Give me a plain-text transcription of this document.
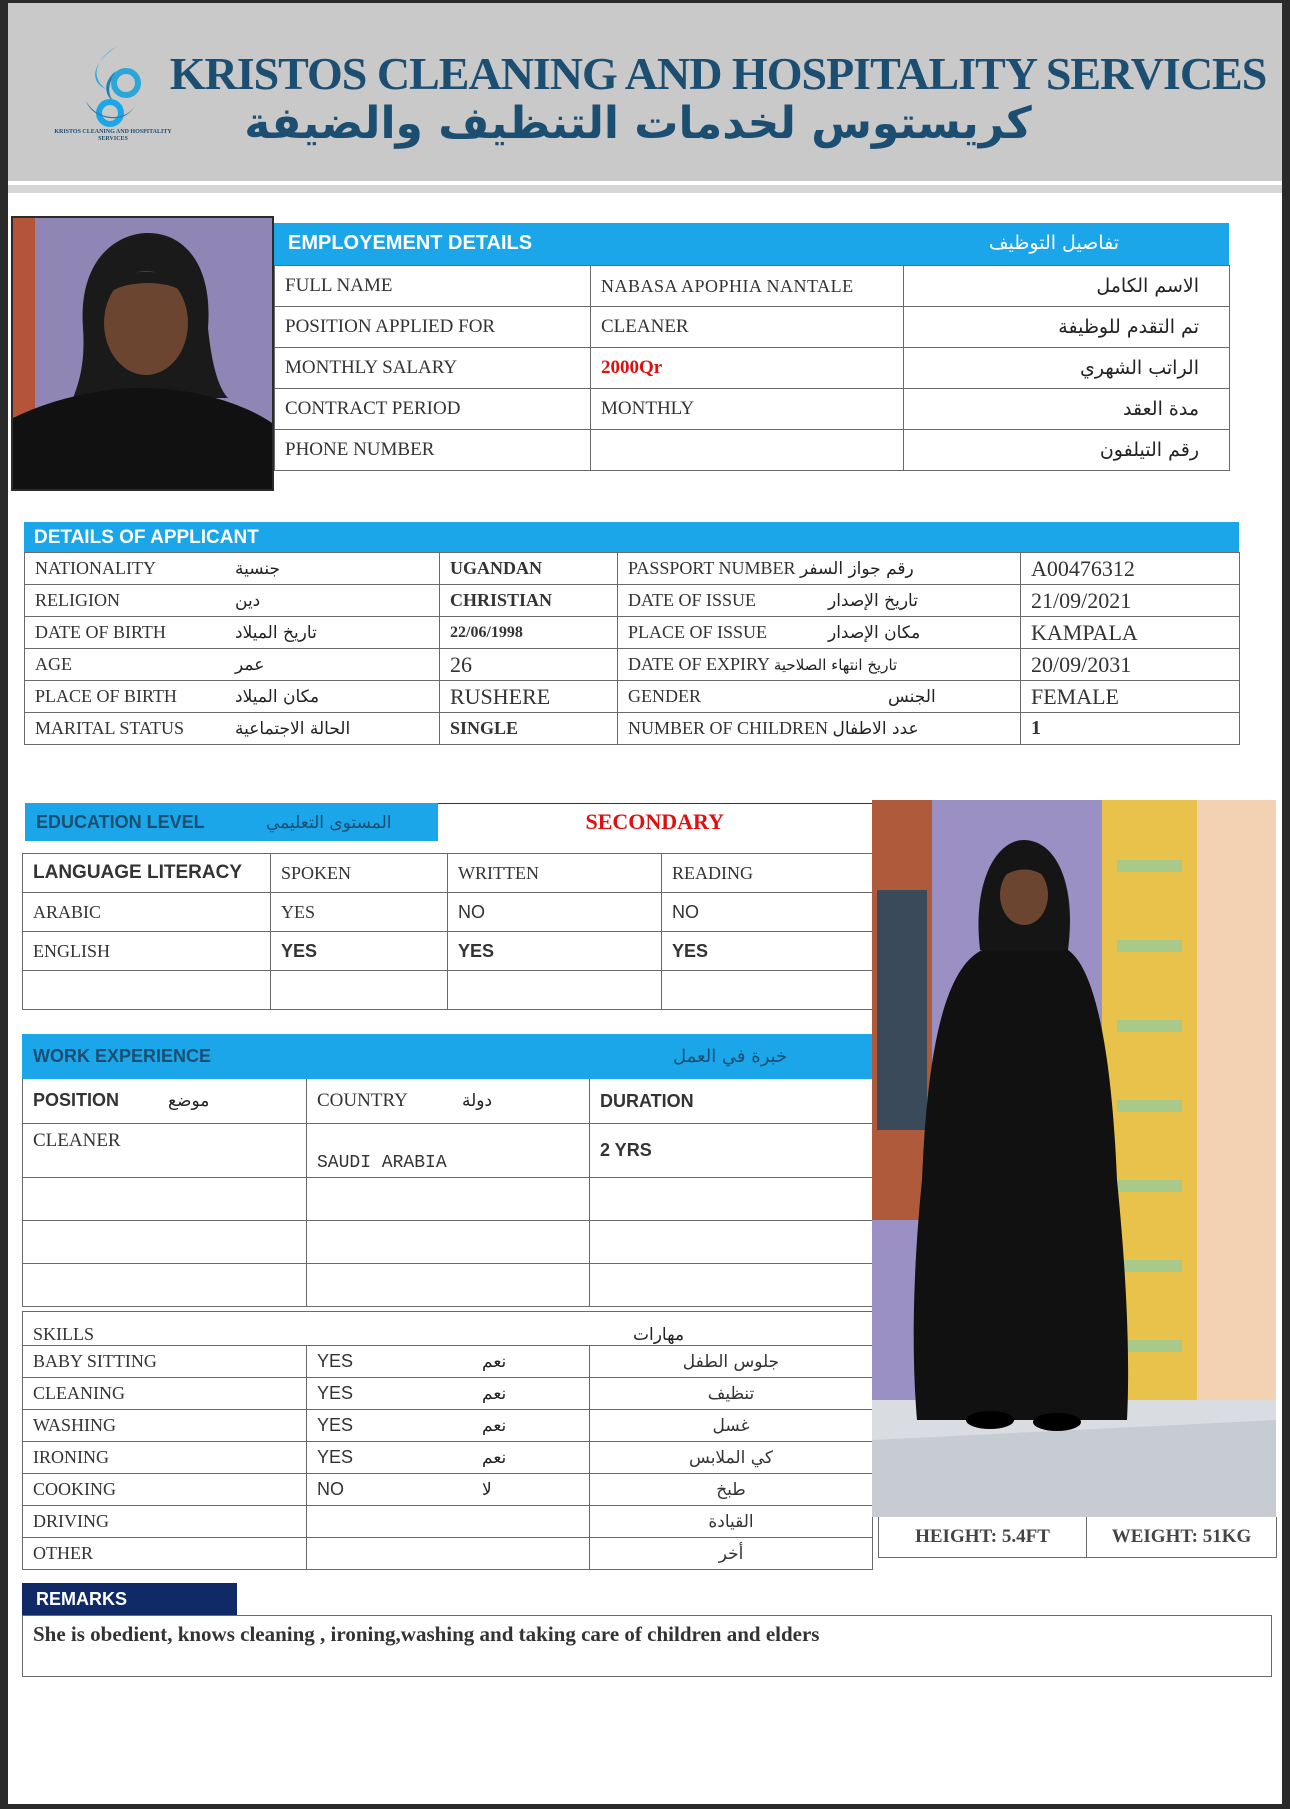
KRISTOS CLEANING AND HOSPITALITY SERVICES
KRISTOS CLEANING AND HOSPITALITY SERVICES
كريستوس لخدمات التنظيف والضيفة
EMPLOYEMENT DETAILS	تفاصيل التوظيف
FULL NAME	NABASA APOPHIA NANTALE	الاسم الكامل
POSITION APPLIED FOR	CLEANER	تم التقدم للوظيفة
MONTHLY SALARY	2000Qr	الراتب الشهري
CONTRACT PERIOD	MONTHLY	مدة العقد
PHONE NUMBER		رقم التيلفون
DETAILS OF APPLICANT
NATIONALITY جنسية	UGANDAN	PASSPORT NUMBER رقم جواز السفر	A00476312
RELIGION دين	CHRISTIAN	DATE OF ISSUE تاريخ الإصدار	21/09/2021
DATE OF BIRTH تاريخ الميلاد	22/06/1998	PLACE OF ISSUE مكان الإصدار	KAMPALA
AGE عمر	26	DATE OF EXPIRY تاريخ انتهاء الصلاحية	20/09/2031
PLACE OF BIRTH مكان الميلاد	RUSHERE	GENDER الجنس	FEMALE
MARITAL STATUS الحالة الاجتماعية	SINGLE	NUMBER OF CHILDREN عدد الاطفال	1
EDUCATION LEVEL	المستوى التعليمي	SECONDARY
LANGUAGE LITERACY	SPOKEN	WRITTEN	READING
ARABIC	YES	NO	NO
ENGLISH	YES	YES	YES

WORK EXPERIENCE خبرة في العمل		
POSITION موضع	COUNTRY دولة	DURATION
CLEANER	SAUDI ARABIA	2 YRS

SKILLS مهارات		
BABY SITTING	YES نعم	جلوس الطفل
CLEANING	YES نعم	تنظيف
WASHING	YES نعم	غسل
IRONING	YES نعم	كي الملابس
COOKING	NO لا	طبخ
DRIVING		القيادة
OTHER		أخر
HEIGHT: 5.4FT	WEIGHT: 51KG
REMARKS
She is obedient, knows cleaning , ironing,washing and taking care of children and elders
